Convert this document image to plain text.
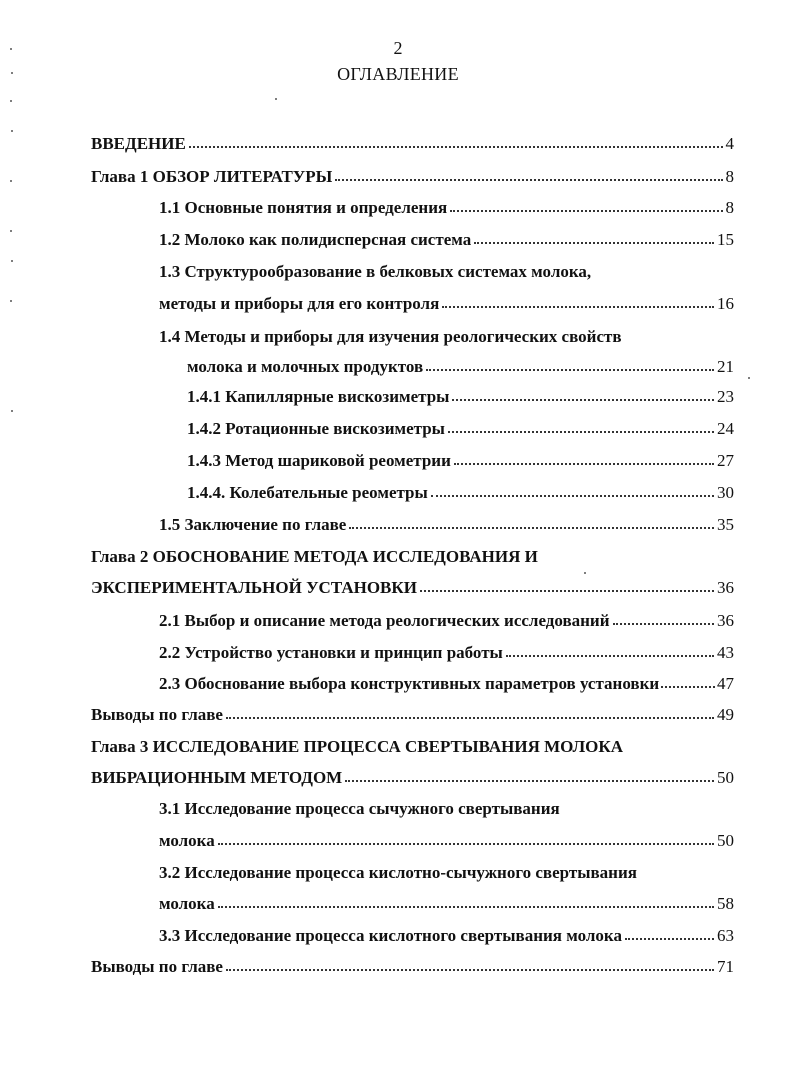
2
ОГЛАВЛЕНИЕ
ВВЕДЕНИЕ	4
Глава 1 ОБЗОР ЛИТЕРАТУРЫ	8
1.1 Основные понятия и определения	8
1.2 Молоко как полидисперсная система	15
1.3 Структурообразование в белковых системах молока,
методы и приборы для его контроля	16
1.4 Методы и приборы для изучения реологических свойств
молока и молочных продуктов	21
1.4.1 Капиллярные вискозиметры	23
1.4.2 Ротационные вискозиметры	24
1.4.3 Метод шариковой реометрии	27
1.4.4. Колебательные реометры	30
1.5 Заключение по главе	35
Глава 2 ОБОСНОВАНИЕ МЕТОДА ИССЛЕДОВАНИЯ И
ЭКСПЕРИМЕНТАЛЬНОЙ УСТАНОВКИ	36
2.1 Выбор и описание метода реологических исследований	36
2.2 Устройство установки и принцип работы	43
2.3 Обоснование выбора конструктивных параметров установки	47
Выводы по главе	49
Глава 3 ИССЛЕДОВАНИЕ ПРОЦЕССА СВЕРТЫВАНИЯ МОЛОКА
ВИБРАЦИОННЫМ МЕТОДОМ	50
3.1 Исследование процесса сычужного свертывания
молока	50
3.2 Исследование процесса кислотно-сычужного свертывания
молока	58
3.3 Исследование процесса кислотного свертывания молока	63
Выводы по главе	71
